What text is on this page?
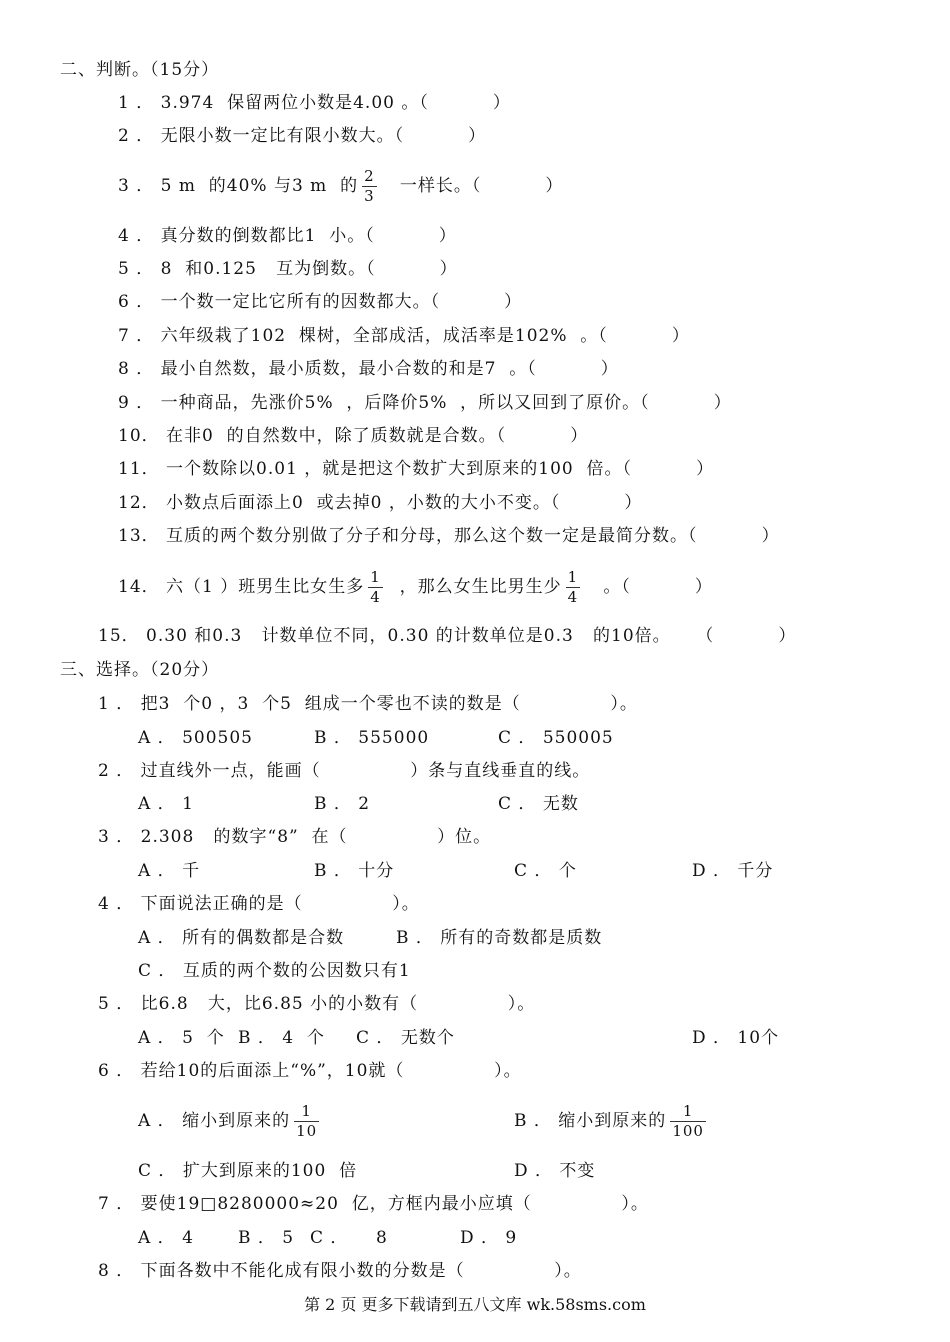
二、判断。（15分）
1 ． 3.974  保留两位小数是4.00 。（          ）
2 ． 无限小数一定比有限小数大。（          ）
3 ． 5 m  的40% 与3 m  的 $\frac{2}{3}$ 一样长。（          ）
4 ． 真分数的倒数都比1  小。（          ）
5 ． 8  和0.125   互为倒数。（          ）
6 ． 一个数一定比它所有的因数都大。（          ）
7 ． 六年级栽了102  棵树，全部成活，成活率是102%  。（          ）
8 ． 最小自然数，最小质数，最小合数的和是7  。（          ）
9 ． 一种商品，先涨价5%  ，后降价5%  ，所以又回到了原价。（          ）
10． 在非0  的自然数中，除了质数就是合数。（          ）
11． 一个数除以0.01 ，就是把这个数扩大到原来的100  倍。（          ）
12． 小数点后面添上0  或去掉0 ，小数的大小不变。（          ）
13． 互质的两个数分别做了分子和分母，那么这个数一定是最简分数。（          ）
14． 六（1 ）班男生比女生多 $\frac{1}{4}$ ，那么女生比男生少 $\frac{1}{4}$ 。（          ）
15． 0.30 和0.3   计数单位不同，0.30 的计数单位是0.3   的10倍。    （          ）
三、选择。（20分）
1 ． 把3  个0 ，3  个5  组成一个零也不读的数是（              ）。
A ． 500505	B ． 555000	C ． 550005
2 ． 过直线外一点，能画（              ）条与直线垂直的线。
A ． 1	B ． 2	C ． 无数
3 ． 2.308   的数字“8”  在（              ）位。
A ． 千	B ． 十分	C ． 个	D ． 千分
4 ． 下面说法正确的是（              ）。
A ． 所有的偶数都是合数	B ． 所有的奇数都是质数
C ． 互质的两个数的公因数只有1
5 ． 比6.8   大，比6.85 小的小数有（              ）。
A ． 5  个 B ． 4  个 C ． 无数个	D ． 10个
6 ． 若给10的后面添上“%”，10就（              ）。
A ． 缩小到原来的 $\frac{1}{10}$	B ． 缩小到原来的 $\frac{1}{100}$
C ． 扩大到原来的100  倍	D ． 不变
7 ． 要使19□8280000≈20  亿，方框内最小应填（              ）。
A ． 4	B ． 5 C ． 8	D ． 9
8 ． 下面各数中不能化成有限小数的分数是（              ）。
第 2 页 更多下载请到五八文库 wk.58sms.com
